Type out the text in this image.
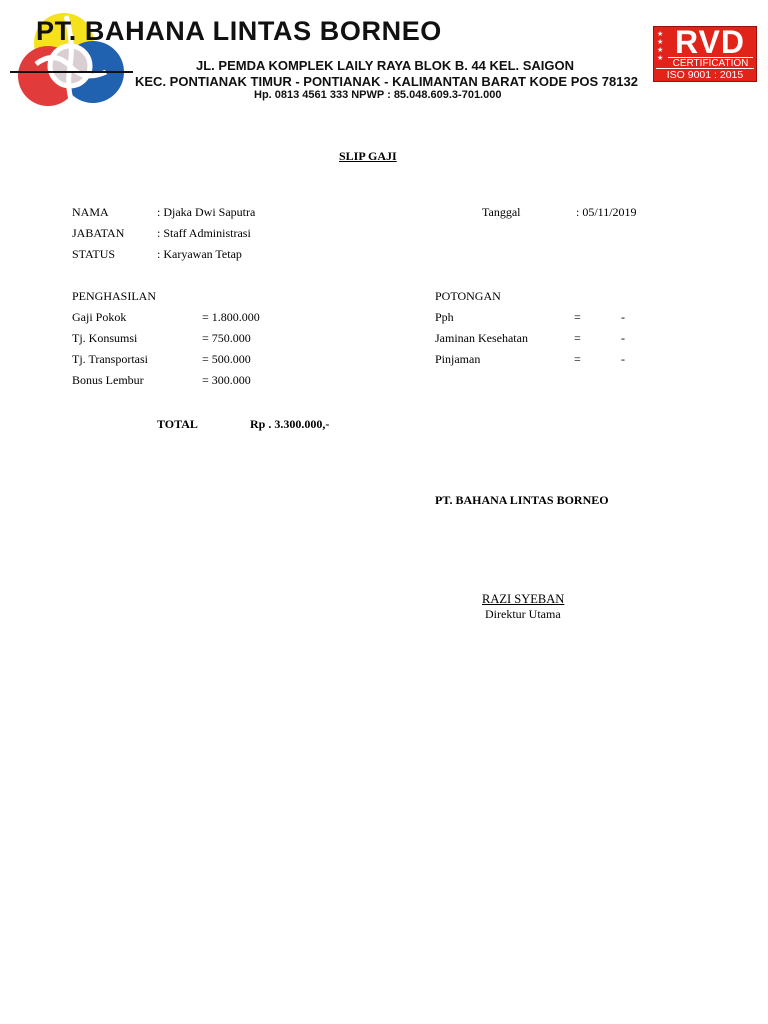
PT. BAHANA LINTAS BORNEO
JL. PEMDA KOMPLEK LAILY RAYA BLOK B. 44 KEL. SAIGON
KEC. PONTIANAK TIMUR - PONTIANAK - KALIMANTAN BARAT KODE POS 78132
Hp. 0813 4561 333 NPWP : 85.048.609.3-701.000
★
★
★
★ RVD
CERTIFICATION
ISO 9001 : 2015
SLIP GAJI
NAMA	: Djaka Dwi Saputra
JABATAN	: Staff Administrasi
STATUS	: Karyawan Tetap
Tanggal	: 05/11/2019
PENGHASILAN
Gaji Pokok	= 1.800.000
Tj. Konsumsi	= 750.000
Tj. Transportasi	= 500.000
Bonus Lembur	= 300.000
POTONGAN
Pph	=	-
Jaminan Kesehatan	=	-
Pinjaman	=	-
TOTAL	Rp . 3.300.000,-
PT. BAHANA LINTAS BORNEO
RAZI SYEBAN
Direktur Utama
